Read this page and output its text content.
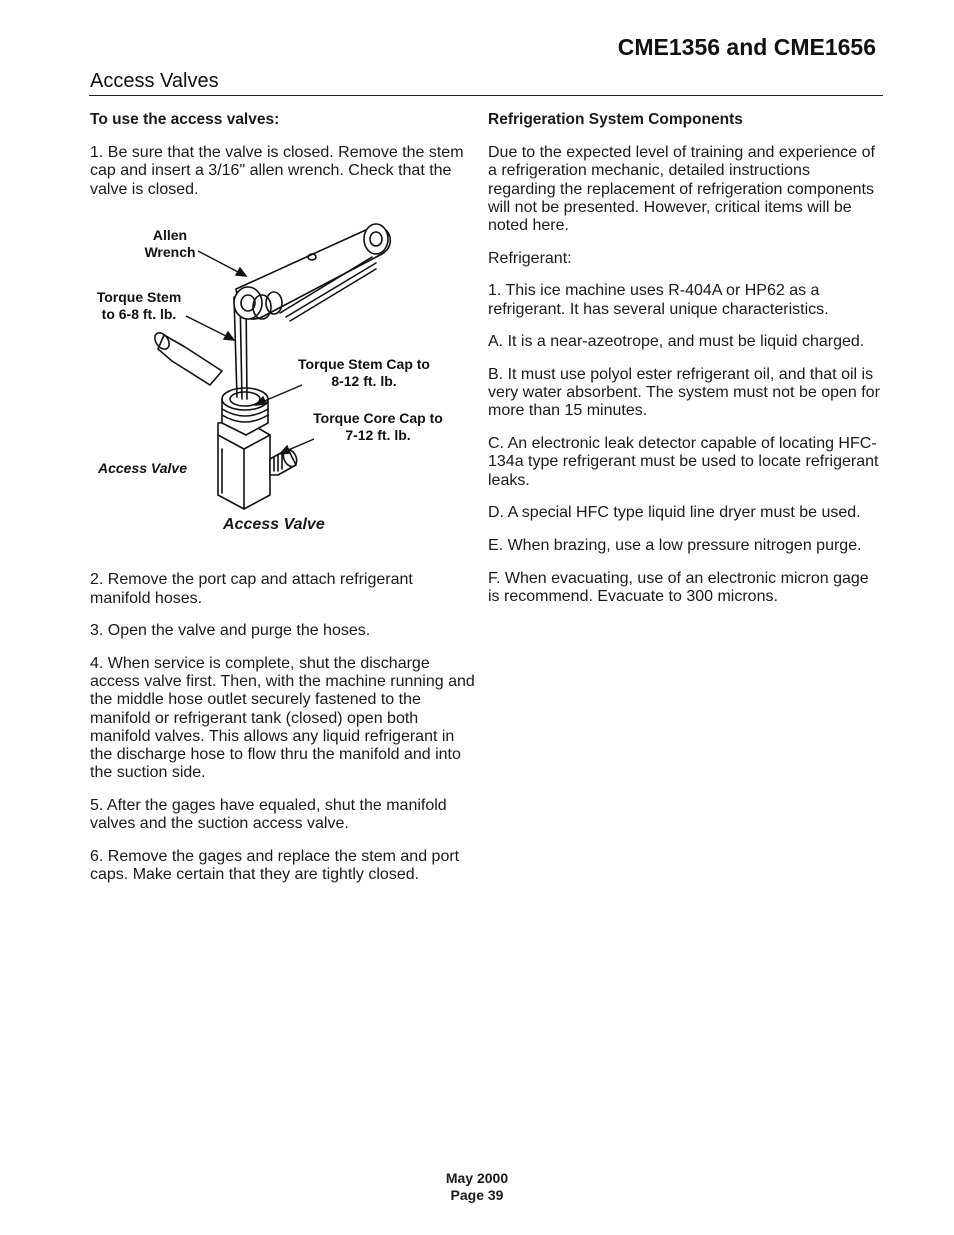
CME1356 and CME1656
Access Valves

To use the access valves:

1. Be sure that the valve is closed. Remove the stem cap and insert a 3/16" allen wrench. Check that the valve is closed.

Allen Wrench
Torque Stem to 6-8 ft. lb.
Torque Stem Cap to 8-12 ft. lb.
Torque Core Cap to 7-12 ft. lb.
Access Valve
Access Valve

2. Remove the port cap and attach refrigerant manifold hoses.

3. Open the valve and purge the hoses.

4. When service is complete, shut the discharge access valve first. Then, with the machine running and the middle hose outlet securely fastened to the manifold or refrigerant tank (closed) open both manifold valves. This allows any liquid refrigerant in the discharge hose to flow thru the manifold and into the suction side.

5. After the gages have equaled, shut the manifold valves and the suction access valve.

6. Remove the gages and replace the stem and port caps. Make certain that they are tightly closed.

Refrigeration System Components

Due to the expected level of training and experience of a refrigeration mechanic, detailed instructions regarding the replacement of refrigeration components will not be presented. However, critical items will be noted here.

Refrigerant:

1. This ice machine uses R-404A or HP62 as a refrigerant. It has several unique characteristics.

A. It is a near-azeotrope, and must be liquid charged.

B. It must use polyol ester refrigerant oil, and that oil is very water absorbent. The system must not be open for more than 15 minutes.

C. An electronic leak detector capable of locating HFC-134a type refrigerant must be used to locate refrigerant leaks.

D. A special HFC type liquid line dryer must be used.

E. When brazing, use a low pressure nitrogen purge.

F. When evacuating, use of an electronic micron gage is recommend. Evacuate to 300 microns.

May 2000
Page 39
